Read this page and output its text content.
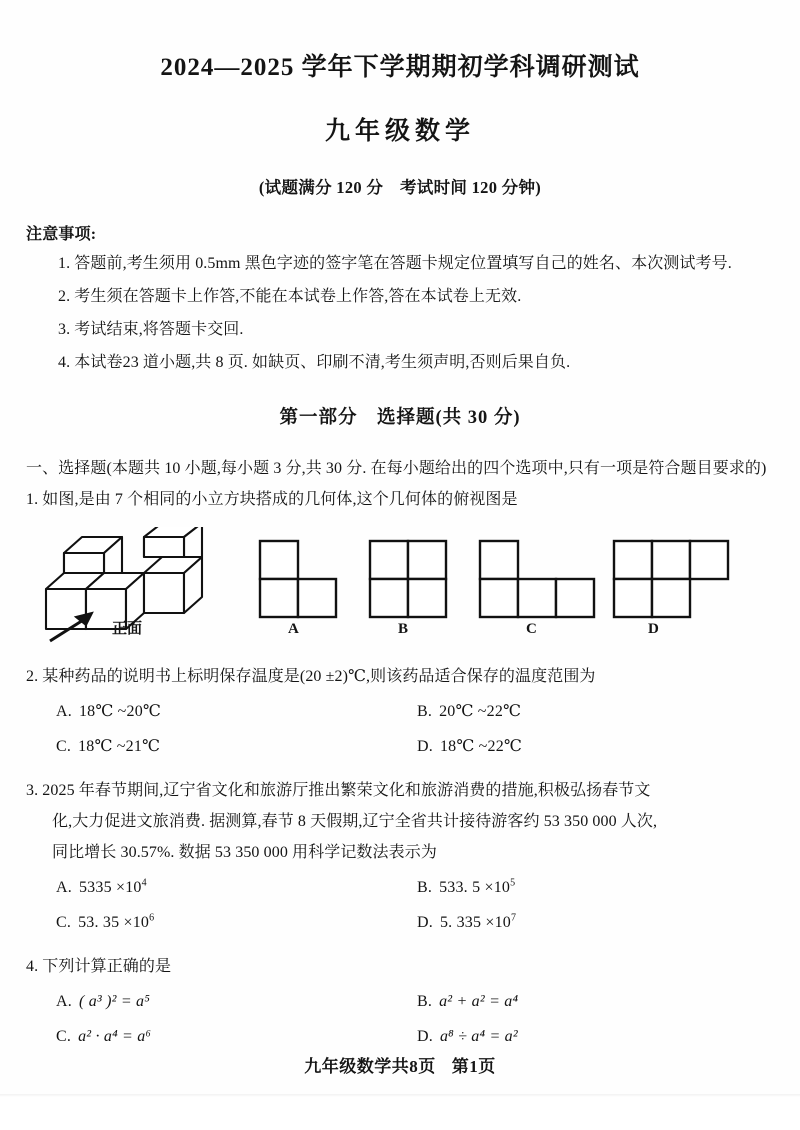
2024—2025 学年下学期期初学科调研测试
九年级数学

(试题满分 120 分　考试时间 120 分钟)

注意事项:

1. 答题前,考生须用 0.5mm 黑色字迹的签字笔在答题卡规定位置填写自己的姓名、本次测试考号.

2. 考生须在答题卡上作答,不能在本试卷上作答,答在本试卷上无效.

3. 考试结束,将答题卡交回.

4. 本试卷23 道小题,共 8 页. 如缺页、印刷不清,考生须声明,否则后果自负.

第一部分　选择题(共 30 分)

一、选择题(本题共 10 小题,每小题 3 分,共 30 分. 在每小题给出的四个选项中,只有一项是符合题目要求的)

1. 如图,是由 7 个相同的小立方块搭成的几何体,这个几何体的俯视图是

正面	A	B	C	D

2. 某种药品的说明书上标明保存温度是(20 ±2)℃,则该药品适合保存的温度范围为

A. 18℃ ~20℃	B. 20℃ ~22℃
C. 18℃ ~21℃	D. 18℃ ~22℃

3. 2025 年春节期间,辽宁省文化和旅游厅推出繁荣文化和旅游消费的措施,积极弘扬春节文

化,大力促进文旅消费. 据测算,春节 8 天假期,辽宁全省共计接待游客约 53 350 000 人次,

同比增长 30.57%. 数据 53 350 000 用科学记数法表示为

A. $5335 \times 10^4$	B. 533. $5 \times 10^5$
C. 53. $35 \times 10^6$	D. 5. $335 \times 10^7$

4. 下列计算正确的是

A. ( a³ )² = a⁵	B. a² + a² = a⁴
C. a² · a⁴ = a⁶	D. a⁸ ÷ a⁴ = a²
九年级数学共8页 第1页
